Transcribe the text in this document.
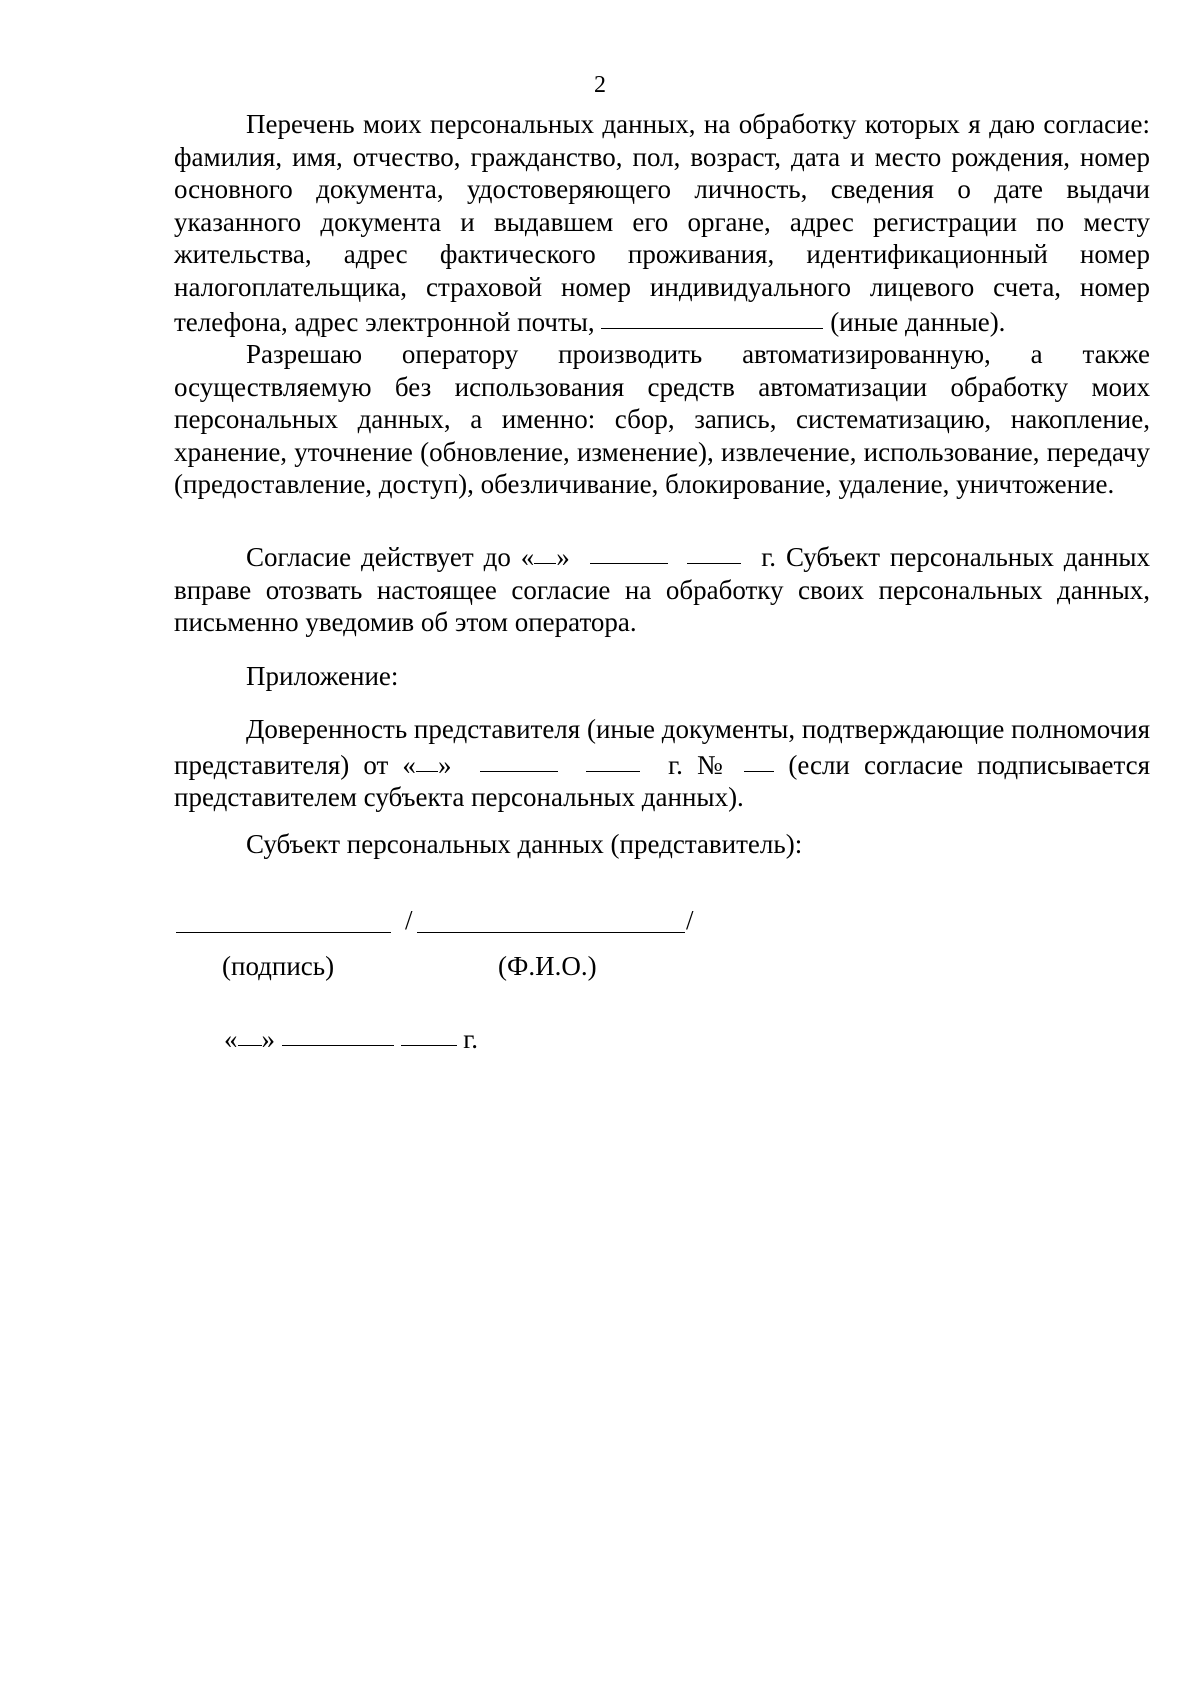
2

Перечень моих персональных данных, на обработку которых я даю согласие: фамилия, имя, отчество, гражданство, пол, возраст, дата и место рождения, номер основного документа, удостоверяющего личность, сведения о дате выдачи указанного документа и выдавшем его органе, адрес регистрации по месту жительства, адрес фактического проживания, идентификационный номер налогоплательщика, страховой номер индивидуального лицевого счета, номер телефона, адрес электронной почты,	(иные данные).

Разрешаю оператору производить автоматизированную, а также осуществляемую без использования средств автоматизации обработку моих персональных данных, а именно: сбор, запись, систематизацию, накопление, хранение, уточнение (обновление, изменение), извлечение, использование, передачу (предоставление, доступ), обезличивание, блокирование, удаление, уничтожение.

Согласие действует до « »	г. Субъект персональных данных вправе отозвать настоящее согласие на обработку своих персональных данных, письменно уведомив об этом оператора.

Приложение:

Доверенность представителя (иные документы, подтверждающие полномочия представителя) от « »	г. № (если согласие подписывается представителем субъекта персональных данных).

Субъект персональных данных (представитель):
/	/
(подпись)	(Ф.И.О.)
« »	г.
